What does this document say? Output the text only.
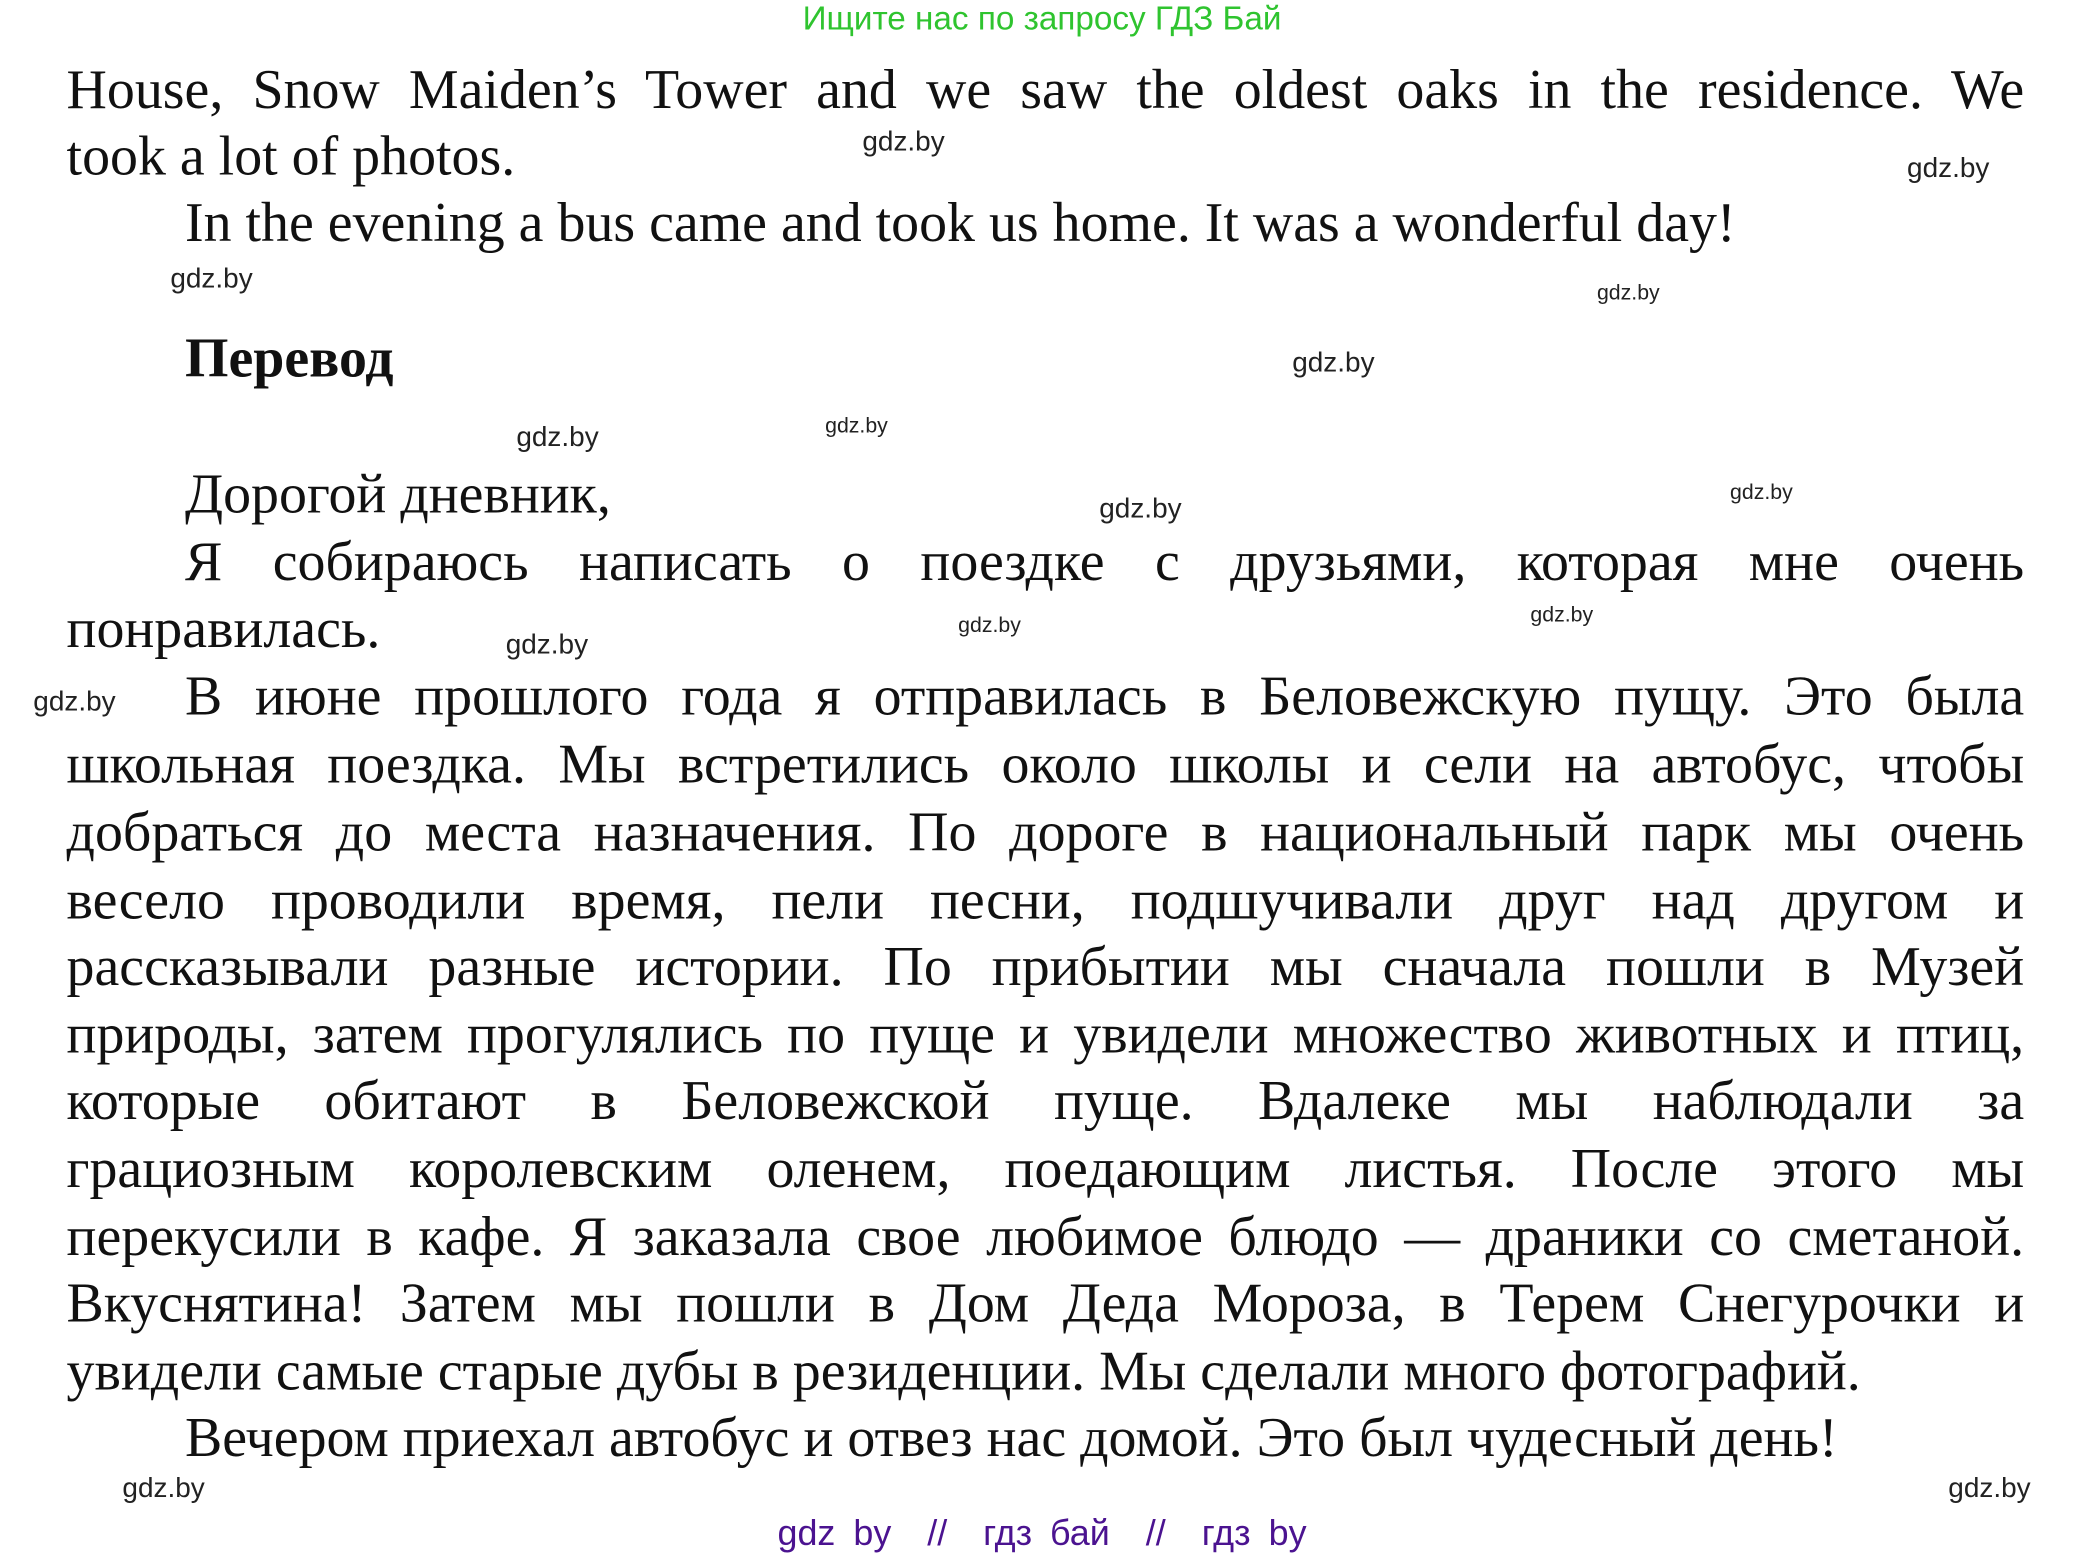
Ищите нас по запросу ГДЗ Бай
House, Snow Maiden’s Tower and we saw the oldest oaks in the residence. We
took a lot of photos.
In the evening a bus came and took us home. It was a wonderful day!
Перевод
Дорогой дневник,
Я собираюсь написать о поездке с друзьями, которая мне очень
понравилась.
В июне прошлого года я отправилась в Беловежскую пущу. Это была
школьная поездка. Мы встретились около школы и сели на автобус, чтобы
добраться до места назначения. По дороге в национальный парк мы очень
весело проводили время, пели песни, подшучивали друг над другом и
рассказывали разные истории. По прибытии мы сначала пошли в Музей
природы, затем прогулялись по пуще и увидели множество животных и птиц,
которые обитают в Беловежской пуще. Вдалеке мы наблюдали за
грациозным королевским оленем, поедающим листья. После этого мы
перекусили в кафе. Я заказала свое любимое блюдо — драники со сметаной.
Вкуснятина! Затем мы пошли в Дом Деда Мороза, в Терем Снегурочки и
увидели самые старые дубы в резиденции. Мы сделали много фотографий.
Вечером приехал автобус и отвез нас домой. Это был чудесный день!
gdz.by
gdz.by
gdz.by
gdz.by
gdz.by
gdz.by
gdz.by
gdz.by
gdz.by
gdz.by
gdz.by
gdz.by
gdz.by
gdz.by
gdz.by
gdz by  //  гдз бай  //  гдз by
